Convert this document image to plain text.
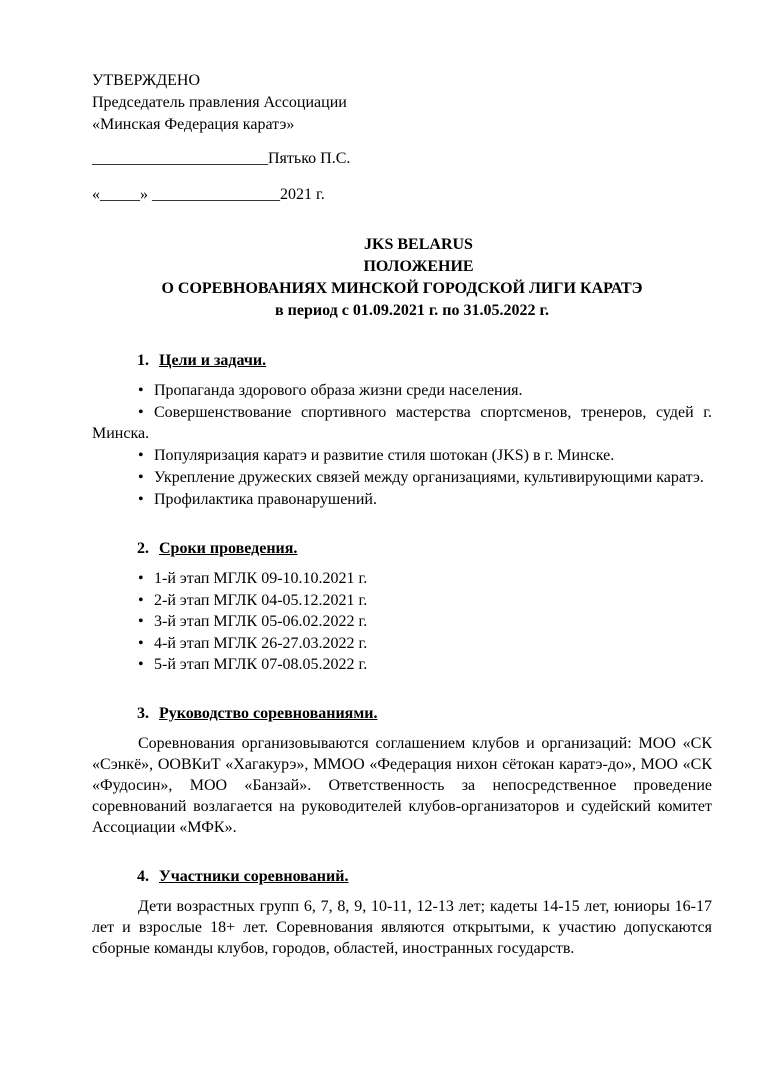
УТВЕРЖДЕНО
Председатель правления Ассоциации
«Минская Федерация каратэ»
______________________Пятько П.С.
«_____» ________________2021 г.
JKS BELARUS
ПОЛОЖЕНИЕ
О СОРЕВНОВАНИЯХ МИНСКОЙ ГОРОДСКОЙ ЛИГИ КАРАТЭ
в период с 01.09.2021 г. по 31.05.2022 г.
1. Цели и задачи.
• Пропаганда здорового образа жизни среди населения.
• Совершенствование спортивного мастерства спортсменов, тренеров, судей г. Минска.
• Популяризация каратэ и развитие стиля шотокан (JKS) в г. Минске.
• Укрепление дружеских связей между организациями, культивирующими каратэ.
• Профилактика правонарушений.
2. Сроки проведения.
• 1-й этап МГЛК 09-10.10.2021 г.
• 2-й этап МГЛК 04-05.12.2021 г.
• 3-й этап МГЛК 05-06.02.2022 г.
• 4-й этап МГЛК 26-27.03.2022 г.
• 5-й этап МГЛК 07-08.05.2022 г.
3. Руководство соревнованиями.
Соревнования организовываются соглашением клубов и организаций: МОО «СК «Сэнкё», ООВКиТ «Хагакурэ», ММОО «Федерация нихон сётокан каратэ-до», МОО «СК «Фудосин», МОО «Банзай». Ответственность за непосредственное проведение соревнований возлагается на руководителей клубов-организаторов и судейский комитет Ассоциации «МФК».
4. Участники соревнований.
Дети возрастных групп 6, 7, 8, 9, 10-11, 12-13 лет; кадеты 14-15 лет, юниоры 16-17 лет и взрослые 18+ лет. Соревнования являются открытыми, к участию допускаются сборные команды клубов, городов, областей, иностранных государств.
